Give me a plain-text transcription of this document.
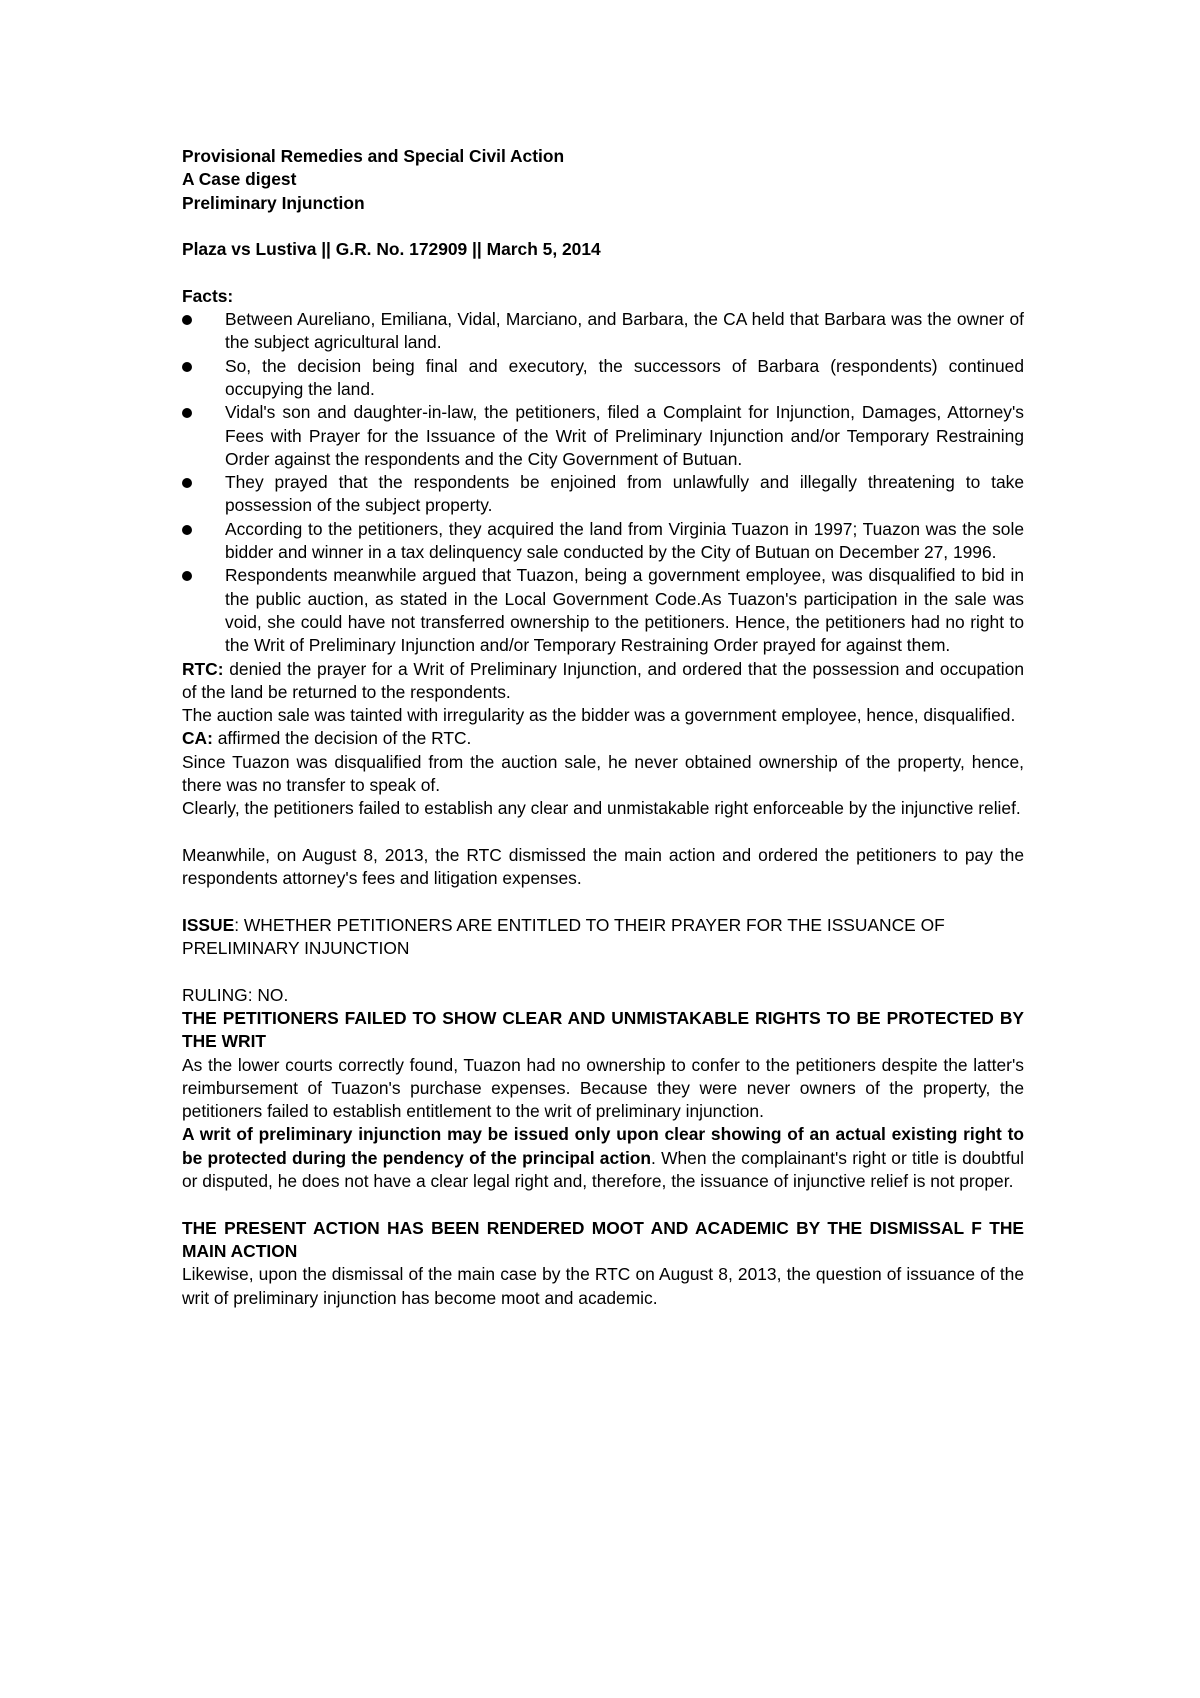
Provisional Remedies and Special Civil Action

A Case digest

Preliminary Injunction

Plaza vs Lustiva || G.R. No. 172909 || March 5, 2014

Facts:

Between Aureliano, Emiliana, Vidal, Marciano, and Barbara, the CA held that Barbara was the owner of the subject agricultural land.
So, the decision being final and executory, the successors of Barbara (respondents) continued occupying the land.
Vidal's son and daughter-in-law, the petitioners, filed a Complaint for Injunction, Damages, Attorney's Fees with Prayer for the Issuance of the Writ of Preliminary Injunction and/or Temporary Restraining Order against the respondents and the City Government of Butuan.
They prayed that the respondents be enjoined from unlawfully and illegally threatening to take possession of the subject property.
According to the petitioners, they acquired the land from Virginia Tuazon in 1997; Tuazon was the sole bidder and winner in a tax delinquency sale conducted by the City of Butuan on December 27, 1996.
Respondents meanwhile argued that Tuazon, being a government employee, was disqualified to bid in the public auction, as stated in the Local Government Code.As Tuazon's participation in the sale was void, she could have not transferred ownership to the petitioners. Hence, the petitioners had no right to the Writ of Preliminary Injunction and/or Temporary Restraining Order prayed for against them.

RTC: denied the prayer for a Writ of Preliminary Injunction, and ordered that the possession and occupation of the land be returned to the respondents.

The auction sale was tainted with irregularity as the bidder was a government employee, hence, disqualified.

CA: affirmed the decision of the RTC.

Since Tuazon was disqualified from the auction sale, he never obtained ownership of the property, hence, there was no transfer to speak of.

Clearly, the petitioners failed to establish any clear and unmistakable right enforceable by the injunctive relief.

Meanwhile, on August 8, 2013, the RTC dismissed the main action and ordered the petitioners to pay the respondents attorney's fees and litigation expenses.

ISSUE: WHETHER PETITIONERS ARE ENTITLED TO THEIR PRAYER FOR THE ISSUANCE OF PRELIMINARY INJUNCTION

RULING: NO.

THE PETITIONERS FAILED TO SHOW CLEAR AND UNMISTAKABLE RIGHTS TO BE PROTECTED BY THE WRIT

As the lower courts correctly found, Tuazon had no ownership to confer to the petitioners despite the latter's reimbursement of Tuazon's purchase expenses. Because they were never owners of the property, the petitioners failed to establish entitlement to the writ of preliminary injunction.

A writ of preliminary injunction may be issued only upon clear showing of an actual existing right to be protected during the pendency of the principal action. When the complainant's right or title is doubtful or disputed, he does not have a clear legal right and, therefore, the issuance of injunctive relief is not proper.

THE PRESENT ACTION HAS BEEN RENDERED MOOT AND ACADEMIC BY THE DISMISSAL F THE MAIN ACTION

Likewise, upon the dismissal of the main case by the RTC on August 8, 2013, the question of issuance of the writ of preliminary injunction has become moot and academic.
